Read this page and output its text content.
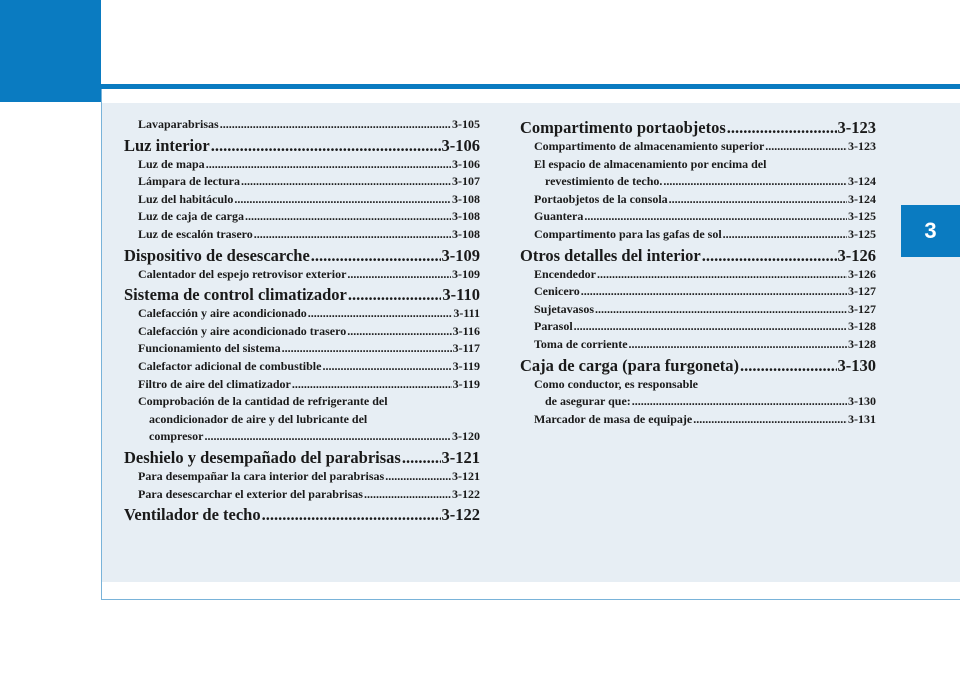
3
Lavaparabrisas .....	3-105
Luz interior .....	3-106
Luz de mapa .....	3-106
Lámpara de lectura .....	3-107
Luz del habitáculo .....	3-108
Luz de caja de carga .....	3-108
Luz de escalón trasero .....	3-108
Dispositivo de desescarche .....	3-109
Calentador del espejo retrovisor exterior .....	3-109
Sistema de control climatizador .....	3-110
Calefacción y aire acondicionado .....	3-111
Calefacción y aire acondicionado trasero .....	3-116
Funcionamiento del sistema .....	3-117
Calefactor adicional de combustible .....	3-119
Filtro de aire del climatizador .....	3-119
Comprobación de la cantidad de refrigerante del
acondicionador de aire y del lubricante del
compresor .....	3-120
Deshielo y desempañado del parabrisas ..... 3-121
Para desempañar la cara interior del parabrisas .....	3-121
Para desescarchar el exterior del parabrisas .....	3-122
Ventilador de techo .....	3-122
Compartimento portaobjetos .....	3-123
Compartimento de almacenamiento superior .....	3-123
El espacio de almacenamiento por encima del
revestimiento de techo. .....	3-124
Portaobjetos de la consola .....	3-124
Guantera .....	3-125
Compartimento para las gafas de sol .....	3-125
Otros detalles del interior .....	3-126
Encendedor .....	3-126
Cenicero .....	3-127
Sujetavasos .....	3-127
Parasol .....	3-128
Toma de corriente .....	3-128
Caja de carga (para furgoneta) .....	3-130
Como conductor, es responsable
de asegurar que: .....	3-130
Marcador de masa de equipaje .....	3-131
